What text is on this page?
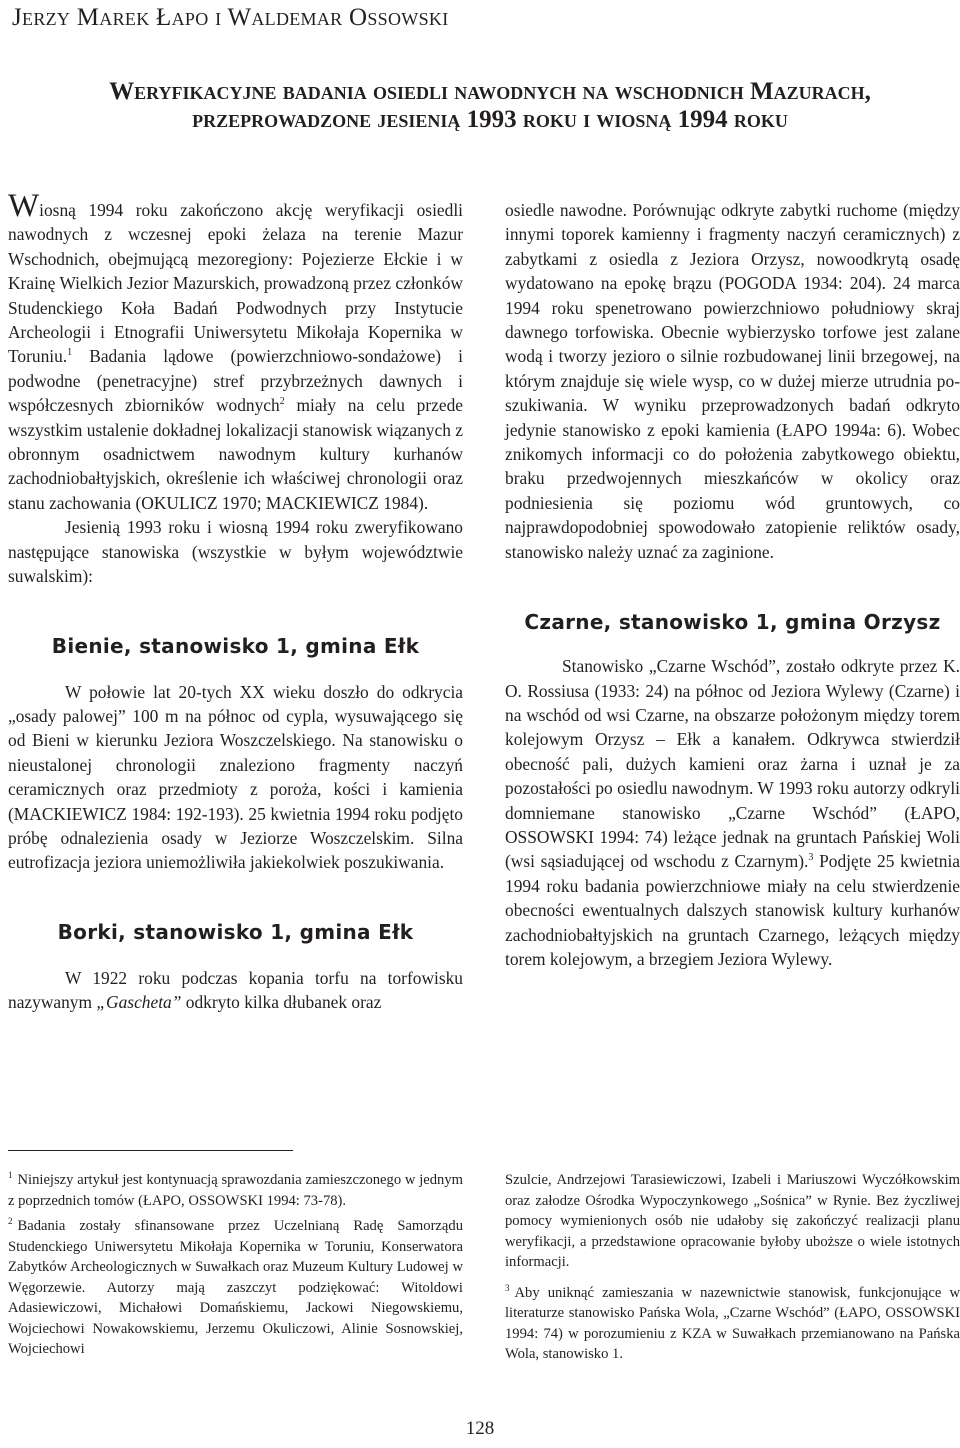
Jerzy Marek Łapo i Waldemar Ossowski
Weryfikacyjne badania osiedli nawodnych na wschodnich Mazurach,
przeprowadzone jesienią 1993 roku i wiosną 1994 roku

Wiosną 1994 roku zakończono akcję weryfikacji osiedli nawodnych z wczesnej epoki żelaza na terenie Mazur Wschodnich, obejmującą mezoregiony: Pojezierze Ełckie i w Krainę Wielkich Jezior Mazurskich, prowadzoną przez członków Studenckiego Koła Badań Podwodnych przy Instytucie Archeologii i Etnografii Uniwersytetu Mikołaja Kopernika w Toruniu.$^1$ Badania lądowe (powierzchniowo-sondażowe) i podwodne (penetracyjne) stref przybrzeżnych dawnych i współczesnych zbiorników wodnych$^2$ miały na celu przede wszystkim ustalenie dokładnej lokalizacji stanowisk wiązanych z obronnym osadnictwem nawodnym kultury kurhanów zachodniobałtyjskich, określenie ich właściwej chronologii oraz stanu zachowania (OKULICZ 1970; MACKIEWICZ 1984).

Jesienią 1993 roku i wiosną 1994 roku zweryfikowano następujące stanowiska (wszystkie w byłym województwie suwalskim):

Bienie, stanowisko 1, gmina Ełk

W połowie lat 20-tych XX wieku doszło do odkrycia „osady palowej” 100 m na północ od cypla, wysuwającego się od Bieni w kierunku Jeziora Woszczelskiego. Na stanowisku o nieustalonej chronologii znaleziono fragmenty naczyń ceramicznych oraz przedmioty z poroża, kości i kamienia (MACKIEWICZ 1984: 192-193). 25 kwietnia 1994 roku podjęto próbę odnalezienia osady w Jeziorze Woszczelskim. Silna eutrofizacja jeziora uniemożliwiła jakiekolwiek poszukiwania.

Borki, stanowisko 1, gmina Ełk

W 1922 roku podczas kopania torfu na torfowisku nazywanym „Gascheta” odkryto kilka dłubanek oraz

osiedle nawodne. Porównując odkryte zabytki ruchome (między innymi toporek kamienny i fragmenty naczyń ceramicznych) z zabytkami z osiedla z Jeziora Orzysz, nowoodkrytą osadę wydatowano na epokę brązu (POGODA 1934: 204). 24 marca 1994 roku spenetrowano powierzchniowo południowy skraj dawnego torfowiska. Obecnie wybierzysko torfowe jest zalane wodą i tworzy jezioro o silnie rozbudowanej linii brzegowej, na którym znajduje się wiele wysp, co w dużej mierze utrudnia poszukiwania. W wyniku przeprowadzonych badań odkryto jedynie stanowisko z epoki kamienia (ŁAPO 1994a: 6). Wobec znikomych informacji co do położenia zabytkowego obiektu, braku przedwojennych mieszkańców w okolicy oraz podniesienia się poziomu wód gruntowych, co najprawdopodobniej spowodowało zatopienie reliktów osady, stanowisko należy uznać za zaginione.

Czarne, stanowisko 1, gmina Orzysz

Stanowisko „Czarne Wschód”, zostało odkryte przez K. O. Rossiusa (1933: 24) na północ od Jeziora Wylewy (Czarne) i na wschód od wsi Czarne, na obszarze położonym między torem kolejowym Orzysz – Ełk a kanałem. Odkrywca stwierdził obecność pali, dużych kamieni oraz żarna i uznał je za pozostałości po osiedlu nawodnym. W 1993 roku autorzy odkryli domniemane stanowisko „Czarne Wschód” (ŁAPO, OSSOWSKI 1994: 74) leżące jednak na gruntach Pańskiej Woli (wsi sąsiadującej od wschodu z Czarnym).$^3$ Podjęte 25 kwietnia 1994 roku badania powierzchniowe miały na celu stwierdzenie obecności ewentualnych dalszych stanowisk kultury kurhanów zachodniobałtyjskich na gruntach Czarnego, leżących między torem kolejowym, a brzegiem Jeziora Wylewy.

$^1$ Niniejszy artykuł jest kontynuacją sprawozdania zamieszczonego w jednym z poprzednich tomów (ŁAPO, OSSOWSKI 1994: 73-78).

$^2$ Badania zostały sfinansowane przez Uczelnianą Radę Samorządu Studenckiego Uniwersytetu Mikołaja Kopernika w Toruniu, Konserwatora Zabytków Archeologicznych w Suwałkach oraz Muzeum Kultury Ludowej w Węgorzewie. Autorzy mają zaszczyt podziękować: Witoldowi Adasiewiczowi, Michałowi Domańskiemu, Jackowi Niegowskiemu, Wojciechowi Nowakowskiemu, Jerzemu Okuliczowi, Alinie Sosnowskiej, Wojciechowi

Szulcie, Andrzejowi Tarasiewiczowi, Izabeli i Mariuszowi Wyczółkowskim oraz załodze Ośrodka Wypoczynkowego „Sośnica” w Rynie. Bez życzliwej pomocy wymienionych osób nie udałoby się zakończyć realizacji planu weryfikacji, a przedstawione opracowanie byłoby uboższe o wiele istotnych informacji.

$^3$ Aby uniknąć zamieszania w nazewnictwie stanowisk, funkcjonujące w literaturze stanowisko Pańska Wola, „Czarne Wschód” (ŁAPO, OSSOWSKI 1994: 74) w porozumieniu z KZA w Suwałkach przemianowano na Pańska Wola, stanowisko 1.

128
